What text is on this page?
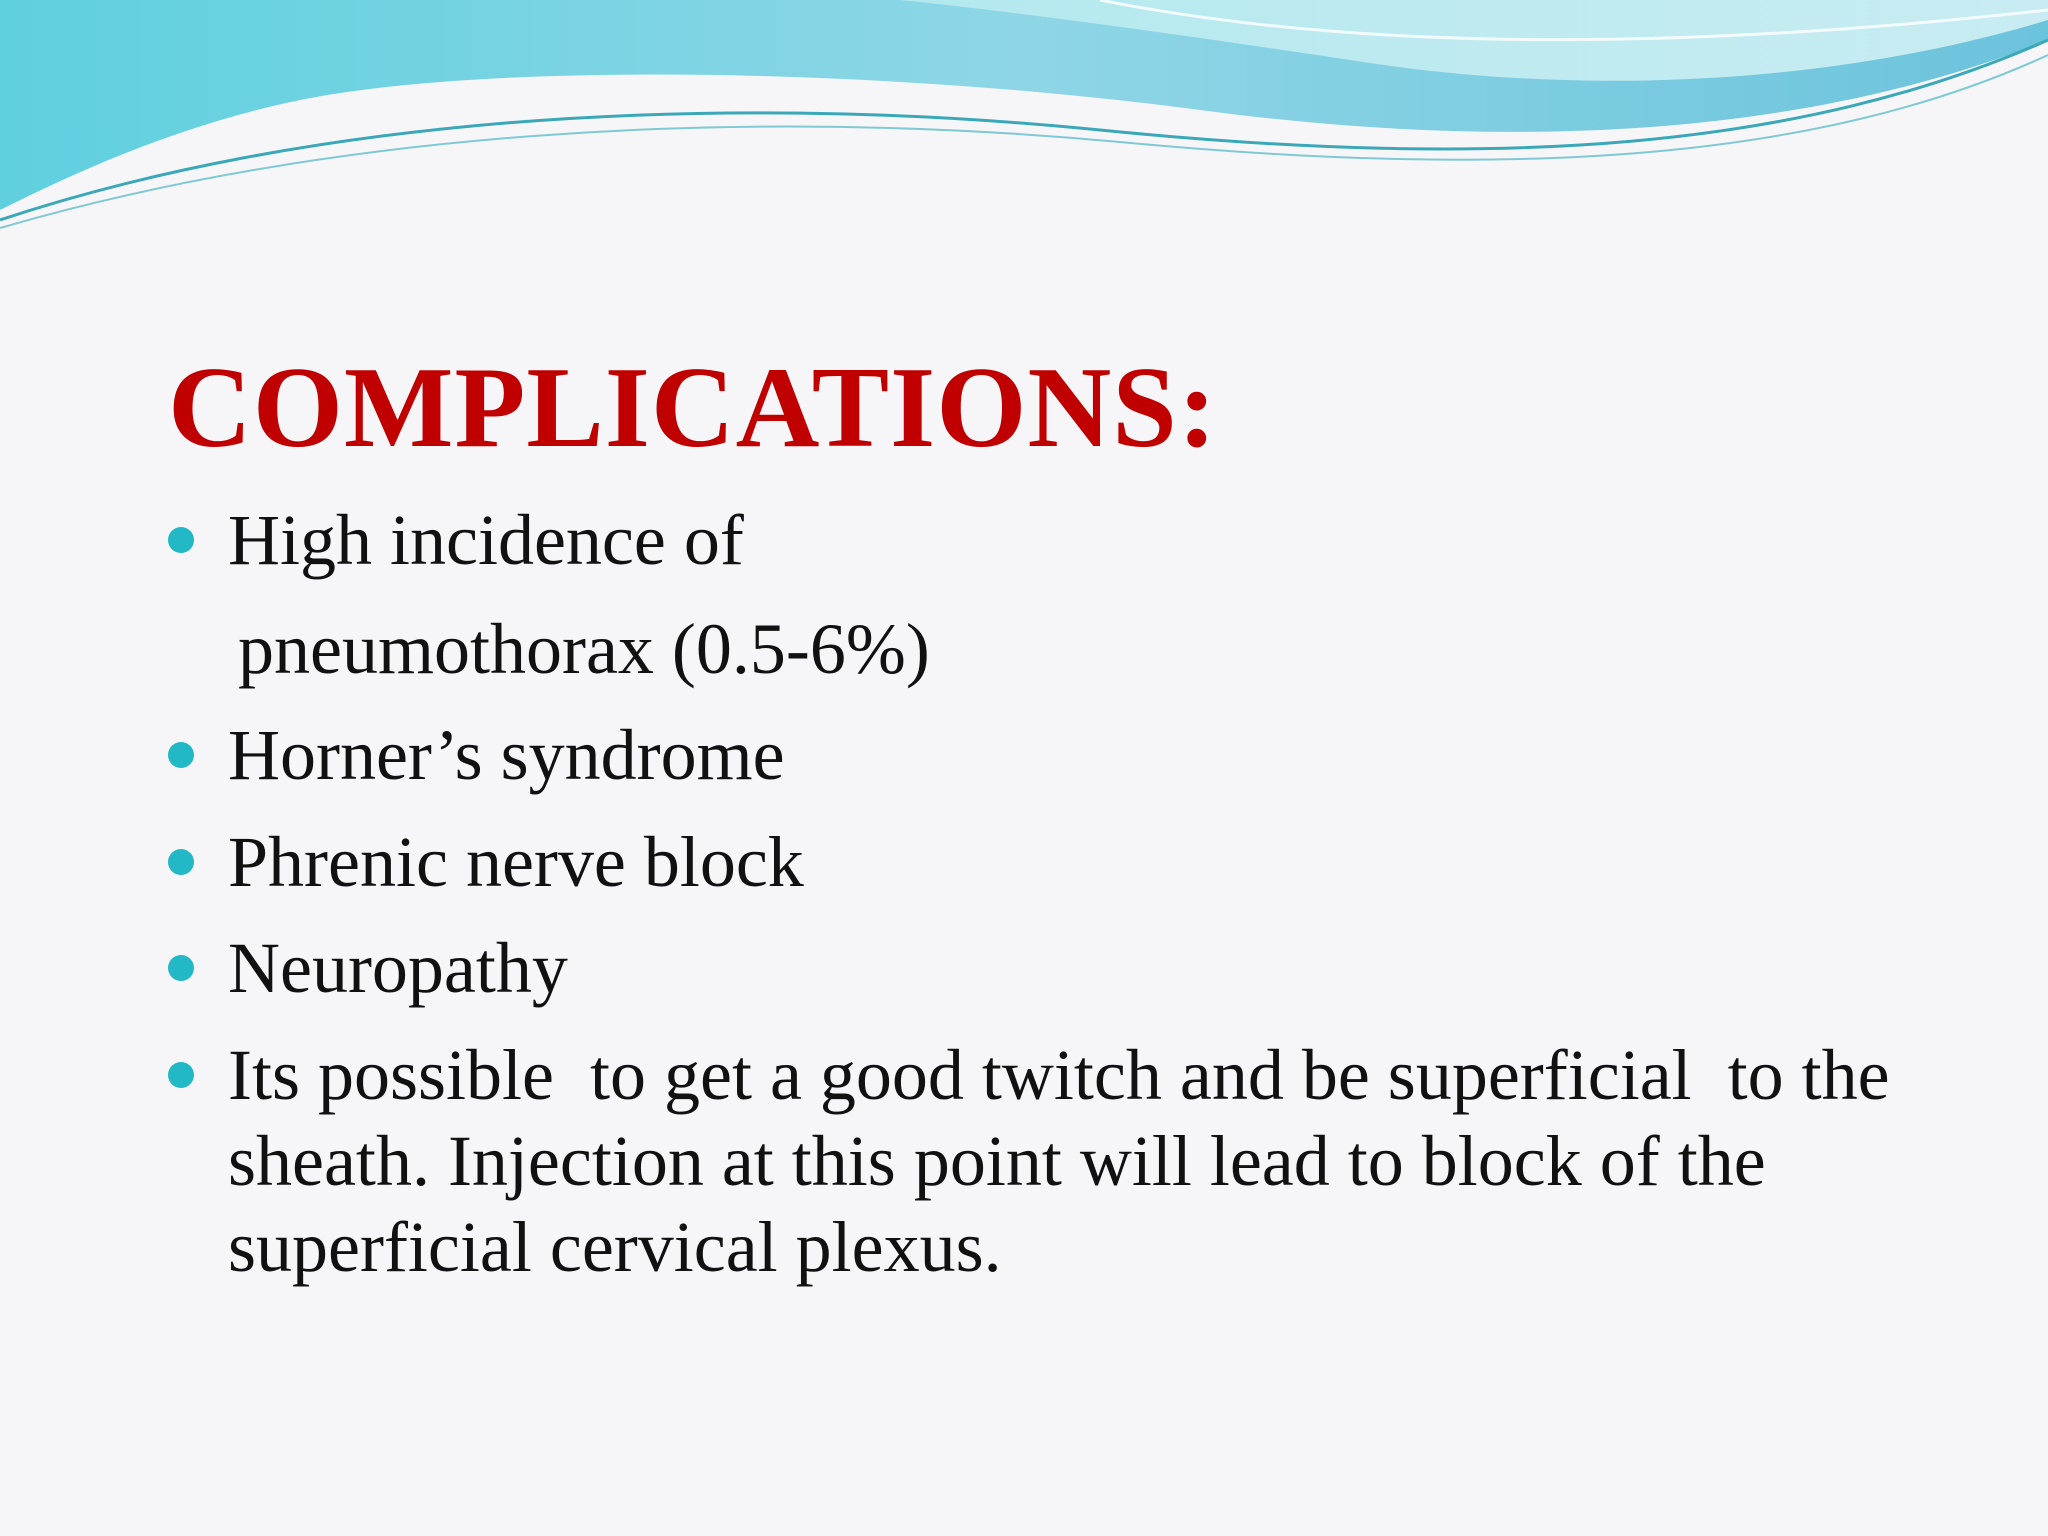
COMPLICATIONS:
High incidence of
pneumothorax (0.5-6%)
Horner’s syndrome
Phrenic nerve block
Neuropathy
Its possible  to get a good twitch and be superficial  to the
sheath. Injection at this point will lead to block of the
superficial cervical plexus.
